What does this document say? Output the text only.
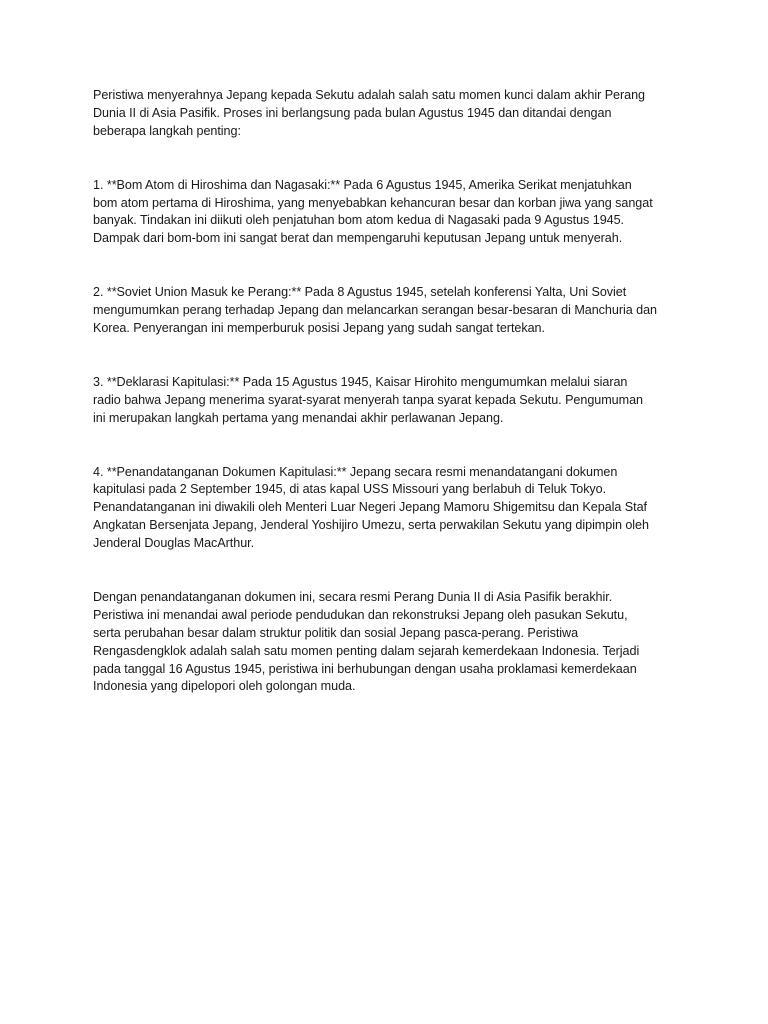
Peristiwa menyerahnya Jepang kepada Sekutu adalah salah satu momen kunci dalam akhir Perang
Dunia II di Asia Pasifik. Proses ini berlangsung pada bulan Agustus 1945 dan ditandai dengan
beberapa langkah penting:

1. **Bom Atom di Hiroshima dan Nagasaki:** Pada 6 Agustus 1945, Amerika Serikat menjatuhkan
bom atom pertama di Hiroshima, yang menyebabkan kehancuran besar dan korban jiwa yang sangat
banyak. Tindakan ini diikuti oleh penjatuhan bom atom kedua di Nagasaki pada 9 Agustus 1945.
Dampak dari bom-bom ini sangat berat dan mempengaruhi keputusan Jepang untuk menyerah.

2. **Soviet Union Masuk ke Perang:** Pada 8 Agustus 1945, setelah konferensi Yalta, Uni Soviet
mengumumkan perang terhadap Jepang dan melancarkan serangan besar-besaran di Manchuria dan
Korea. Penyerangan ini memperburuk posisi Jepang yang sudah sangat tertekan.

3. **Deklarasi Kapitulasi:** Pada 15 Agustus 1945, Kaisar Hirohito mengumumkan melalui siaran
radio bahwa Jepang menerima syarat-syarat menyerah tanpa syarat kepada Sekutu. Pengumuman
ini merupakan langkah pertama yang menandai akhir perlawanan Jepang.

4. **Penandatanganan Dokumen Kapitulasi:** Jepang secara resmi menandatangani dokumen
kapitulasi pada 2 September 1945, di atas kapal USS Missouri yang berlabuh di Teluk Tokyo.
Penandatanganan ini diwakili oleh Menteri Luar Negeri Jepang Mamoru Shigemitsu dan Kepala Staf
Angkatan Bersenjata Jepang, Jenderal Yoshijiro Umezu, serta perwakilan Sekutu yang dipimpin oleh
Jenderal Douglas MacArthur.

Dengan penandatanganan dokumen ini, secara resmi Perang Dunia II di Asia Pasifik berakhir.
Peristiwa ini menandai awal periode pendudukan dan rekonstruksi Jepang oleh pasukan Sekutu,
serta perubahan besar dalam struktur politik dan sosial Jepang pasca-perang. Peristiwa
Rengasdengklok adalah salah satu momen penting dalam sejarah kemerdekaan Indonesia. Terjadi
pada tanggal 16 Agustus 1945, peristiwa ini berhubungan dengan usaha proklamasi kemerdekaan
Indonesia yang dipelopori oleh golongan muda.
